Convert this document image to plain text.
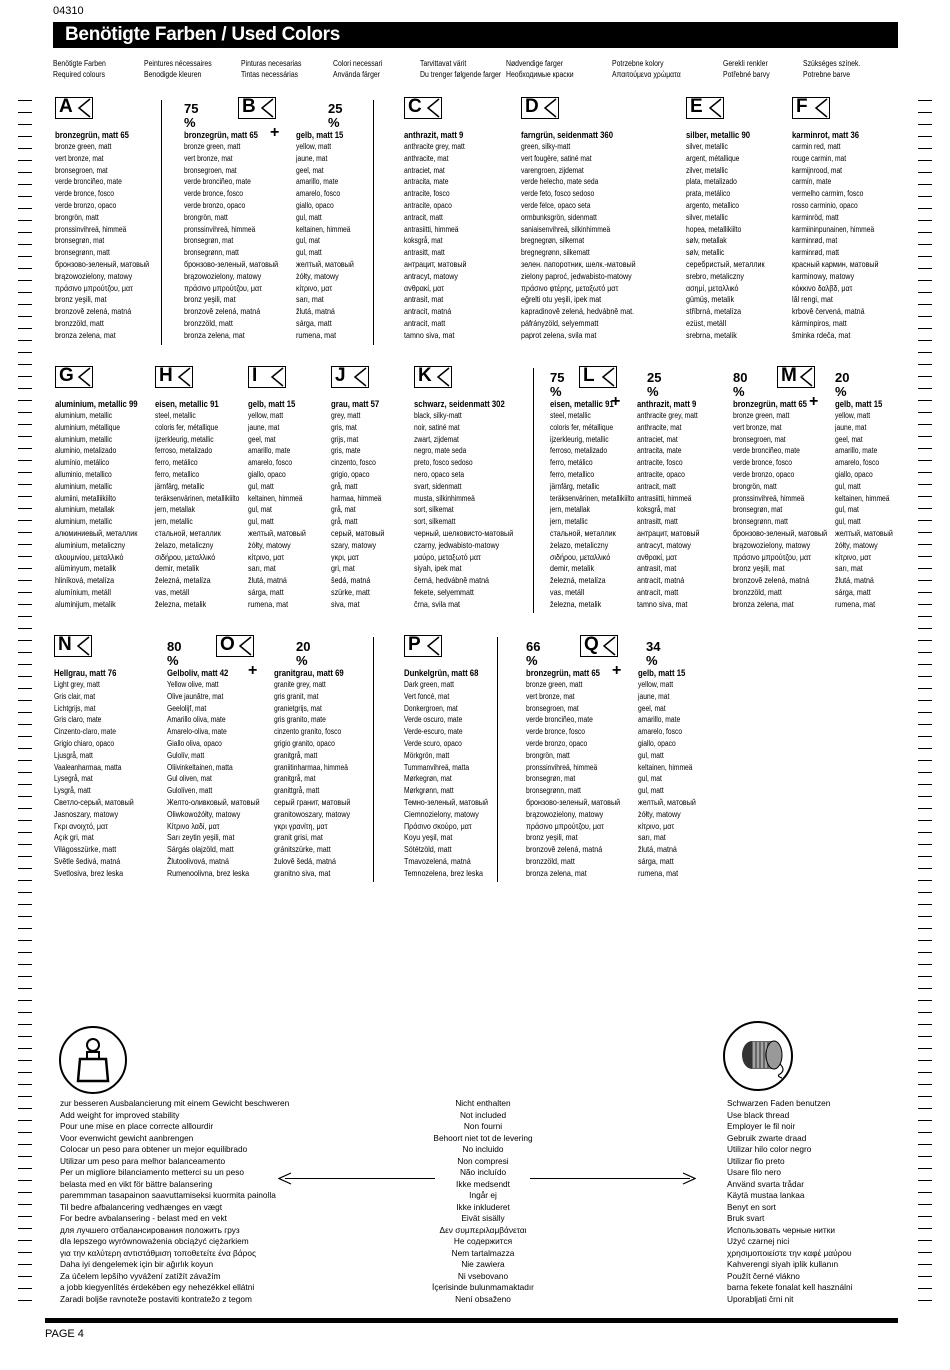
04310
Benötigte Farben / Used Colors
Benötigte Farben
Required colours
Peintures nécessaires
Benodigde kleuren
Pinturas necesarias
Tintas necessárias
Colori necessari
Använda färger
Tarvittavat värit
Du trenger følgende farger
Nødvendige farger
Необходимые краски
Potrzebne kolory
Απαιτούμενα χρώματα
Gerekli renkler
Potřebné barvy
Szükséges színek.
Potrebne barve
A
bronzegrün, matt 65
bronze green, matt
vert bronze, mat
bronsegroen, mat
verde bronciñeo, mate
verde bronce, fosco
verde bronzo, opaco
brongrön, matt
pronssinvihreä, himmeä
bronsegrøn, mat
bronsegrønn, matt
бронзово-зеленый, матовый
brązowozielony, matowy
πράσινο μπρούτζου, ματ
bronz yeşili, mat
bronzově zelená, matná
bronzzöld, matt
bronza zelena, mat
B
75 %
25 %
+
bronzegrün, matt 65
bronze green, matt
vert bronze, mat
bronsegroen, mat
verde bronciñeo, mate
verde bronce, fosco
verde bronzo, opaco
brongrön, matt
pronssinvihreä, himmeä
bronsegrøn, mat
bronsegrønn, matt
бронзово-зеленый, матовый
brązowozielony, matowy
πράσινο μπρούτζου, ματ
bronz yeşili, mat
bronzově zelená, matná
bronzzöld, matt
bronza zelena, mat
gelb, matt 15
yellow, matt
jaune, mat
geel, mat
amarillo, mate
amarelo, fosco
giallo, opaco
gul, matt
keltainen, himmeä
gul, mat
gul, matt
желтый, матовый
żółty, matowy
κίτρινο, ματ
sarı, mat
žlutá, matná
sárga, matt
rumena, mat
C
anthrazit, matt 9
anthracite grey, matt
anthracite, mat
antraciet, mat
antracita, mate
antracite, fosco
antracite, opaco
antracit, matt
antrasiitti, himmeä
koksgrå, mat
antrasitt, matt
антрацит, матовый
antracyt, matowy
ανθρακί, ματ
antrasit, mat
antracit, matná
antracit, matt
tamno siva, mat
D
farngrün, seidenmatt 360
green, silky-matt
vert fougère, satiné mat
varengroen, zijdemat
verde helecho, mate seda
verde feto, fosco sedoso
verde felce, opaco seta
ormbunksgrön, sidenmatt
saniaisenvihreä, silkinhimmeä
bregnegrøn, silkemat
bregnegrønn, silkematt
зелен. папоротник, шелк.-матовый
zielony paproć, jedwabisto-matowy
πράσινο φτέρης, μεταξωτό ματ
eğrelti otu yeşili, ipek mat
kapradinově zelená, hedvábně mat.
páfrányzöld, selyemmatt
paprot zelena, svila mat
E
silber, metallic 90
silver, metallic
argent, métallique
zilver, metallic
plata, metalizado
prata, metálico
argento, metallico
silver, metallic
hopea, metallikiilto
sølv, metallak
sølv, metallic
серебристый, металлик
srebro, metaliczny
ασημί, μεταλλικό
gümüş, metalik
stříbrná, metalíza
ezüst, metáll
srebrna, metalik
F
karminrot, matt 36
carmin red, matt
rouge carmin, mat
karmijnrood, mat
carmín, mate
vermelho carmim, fosco
rosso carminio, opaco
karminröd, matt
karmiininpunainen, himmeä
karminrød, mat
karminrød, matt
красный кармин, матовый
karminowy, matowy
κόκκινο δαλβδ, ματ
lâl rengi, mat
krbově červená, matná
kárminpiros, matt
šminka rdeča, mat
G
aluminium, metallic 99
aluminium, metallic
aluminium, métallique
aluminium, metallic
aluminio, metalizado
alumínio, metálico
alluminio, metallico
aluminium, metallic
alumiini, metalliikiilto
aluminium, metallak
aluminium, metallic
алюминиевый, металлик
aluminium, metaliczny
αλουμινίου, μεταλλικό
alüminyum, metalik
hliníková, metalíza
alumínium, metáll
aluminijum, metalik
H
eisen, metallic 91
steel, metallic
coloris fer, métallique
ijzerkleurig, metallic
ferroso, metalizado
ferro, metálico
ferro, metallico
järnfärg, metallic
teräksenvärinen, metallikiilto
jern, metallak
jern, metallic
стальной, металлик
żelazo, metaliczny
σιδήρου, μεταλλικό
demir, metalik
železná, metalíza
vas, metáll
železna, metalik
I
gelb, matt 15
yellow, matt
jaune, mat
geel, mat
amarillo, mate
amarelo, fosco
giallo, opaco
gul, matt
keltainen, himmeä
gul, mat
gul, matt
желтый, матовый
żółty, matowy
κίτρινο, ματ
sarı, mat
žlutá, matná
sárga, matt
rumena, mat
J
grau, matt 57
grey, matt
gris, mat
grijs, mat
gris, mate
cinzento, fosco
grigio, opaco
grå, matt
harmaa, himmeä
grå, mat
grå, matt
серый, матовый
szary, matowy
γκρι, ματ
gri, mat
šedá, matná
szürke, matt
siva, mat
K
schwarz, seidenmatt 302
black, silky-matt
noir, satiné mat
zwart, zijdemat
negro, mate seda
preto, fosco sedoso
nero, opaco seta
svart, sidenmatt
musta, silkinhimmeä
sort, silkemat
sort, silkematt
черный, шелковисто-матовый
czarny, jedwabisto-matowy
μαύρο, μεταξωτό ματ
siyah, ipek mat
černá, hedvábně matná
fekete, selyemmatt
črna, svila mat
L
75 %
25 %
+
eisen, metallic 91
steel, metallic
coloris fer, métallique
ijzerkleurig, metallic
ferroso, metalizado
ferro, metálico
ferro, metallico
järnfärg, metallic
teräksenvärinen, metallikiilto
jern, metallak
jern, metallic
стальной, металлик
żelazo, metaliczny
σιδήρου, μεταλλικό
demir, metalik
železná, metalíza
vas, metáll
železna, metalik
anthrazit, matt 9
anthracite grey, matt
anthracite, mat
antraciet, mat
antracita, mate
antracite, fosco
antracite, opaco
antracit, matt
antrasiitti, himmeä
koksgrå, mat
antrasitt, matt
антрацит, матовый
antracyt, matowy
ανθρακί, ματ
antrasit, mat
antracit, matná
antracit, matt
tamno siva, mat
M
80 %
20 %
+
bronzegrün, matt 65
bronze green, matt
vert bronze, mat
bronsegroen, mat
verde bronciñeo, mate
verde bronce, fosco
verde bronzo, opaco
brongrön, matt
pronssinvihreä, himmeä
bronsegrøn, mat
bronsegrønn, matt
бронзово-зеленый, матовый
brązowozielony, matowy
πράσινο μπρούτζου, ματ
bronz yeşili, mat
bronzově zelená, matná
bronzzöld, matt
bronza zelena, mat
gelb, matt 15
yellow, matt
jaune, mat
geel, mat
amarillo, mate
amarelo, fosco
giallo, opaco
gul, matt
keltainen, himmeä
gul, mat
gul, matt
желтый, матовый
żółty, matowy
κίτρινο, ματ
sarı, mat
žlutá, matná
sárga, matt
rumena, mat
N
Hellgrau, matt 76
Light grey, matt
Gris clair, mat
Lichtgrijs, mat
Gris claro, mate
Cinzento-claro, mate
Grigio chiaro, opaco
Ljusgrå, matt
Vaaleanharmaa, mattа
Lysegrå, mat
Lysgrå, matt
Светло-серый, матовый
Jasnoszary, matowy
Γκρι ανοιχτό, ματ
Açık gri, mat
Világosszürke, matt
Světle šedivá, matná
Svetlosiva, brez leska
O
80 %
20 %
+
Gelboliv, matt 42
Yellow olive, matt
Olive jaunâtre, mat
Geelolijf, mat
Amarillo oliva, mate
Amarelo-oliva, mate
Giallo oliva, opaco
Gulolív, matt
Oliivinkeltainen, matta
Gul oliven, mat
Gulolíven, matt
Желто-оливковый, матовый
Oliwkowożółty, matowy
Κίτρινο λαδί, ματ
Sarı zeytin yeşili, mat
Sárgás olajzöld, matt
Žlutoolivová, matná
Rumenoolivna, brez leska
granitgrau, matt 69
granite grey, matt
gris granit, mat
granietgrijs, mat
gris granito, mate
cinzento granito, fosco
grigio granito, opaco
granitgrå, matt
graniitinharmaa, himmeä
granitgrå, mat
granittgrå, matt
серый гранит, матовый
granitowoszary, matowy
γκρι γρανίτη, ματ
granit grisi, mat
gránitszürke, matt
žulově šedá, matná
granitno siva, mat
P
Dunkelgrün, matt 68
Dark green, matt
Vert foncé, mat
Donkergroen, mat
Verde oscuro, mate
Verde-escuro, mate
Verde scuro, opaco
Mörkgrön, matt
Tummanvihreä, mattа
Mørkegrøn, mat
Mørkgrønn, matt
Темно-зеленый, матовый
Ciemnozielony, matowy
Πράσινο σκούρο, ματ
Koyu yeşil, mat
Sötétzöld, matt
Tmavozelená, matná
Temnozelena, brez leska
Q
66 %
34 %
+
bronzegrün, matt 65
bronze green, matt
vert bronze, mat
bronsegroen, mat
verde bronciñeo, mate
verde bronce, fosco
verde bronzo, opaco
brongrön, matt
pronssinvihreä, himmeä
bronsegrøn, mat
bronsegrønn, matt
бронзово-зеленый, матовый
brązowozielony, matowy
πράσινο μπρούτζου, ματ
bronz yeşili, mat
bronzově zelená, matná
bronzzöld, matt
bronza zelena, mat
gelb, matt 15
yellow, matt
jaune, mat
geel, mat
amarillo, mate
amarelo, fosco
giallo, opaco
gul, matt
keltainen, himmeä
gul, mat
gul, matt
желтый, матовый
żółty, matowy
κίτρινο, ματ
sarı, mat
žlutá, matná
sárga, matt
rumena, mat
zur besseren Ausbalancierung mit einem Gewicht beschweren
Add weight for improved stability
Pour une mise en place correcte alllourdir
Voor evenwicht gewicht aanbrengen
Colocar un peso para obtener un mejor equilibrado
Utilizar um peso para melhor balanceamento
Per un migliore bilanciamento metterci su un peso
belasta med en vikt för bättre balansering
paremmman tasapainon saavuttamiseksi kuormita painolla
Til bedre afbalancering vedhænges en vægt
For bedre avbalansering - belast med en vekt
для лучшего отбалансирования положить груз
dla lepszego wyrównoważenia obciążyć ciężarkiem
για την καλύτερη αντιστάθμιση τοποθετείτε ένα βάρος
Daha iyi dengelemek için bir ağırlık koyun
Za účelem lepšího vyvážení zatížít závažím
a jobb kiegyenlítés érdekében egy nehezékkel ellátni
Zaradi boljše ravnoteže postaviti kontratežo z tegom
Nicht enthalten
Not included
Non fourni
Behoort niet tot de levering
No incluido
Non compresi
Não incluído
Ikke medsendt
Ingår ej
Ikke inkluderet
Eivät sisälly
Δεν συμπεριλαμβάνεται
Не содержится
Nem tartalmazza
Nie zawiera
Ni vsebovano
İçerisinde bulunmamaktadır
Není obsaženo
Schwarzen Faden benutzen
Use black thread
Employer le fil noir
Gebruik zwarte draad
Utilizar hilo color negro
Utilizar fio preto
Usare filo nero
Använd svarta trådar
Käytä mustaa lankaa
Benyt en sort
Bruk svart
Использовать черные нитки
Użyć czarnej nici
χρησιμοποιείστε την καφέ μαύρου
Kahverengi siyah iplik kullanın
Použít černé vlákno
barna fekete fonalat kell használni
Uporabljati črni nit
PAGE 4
